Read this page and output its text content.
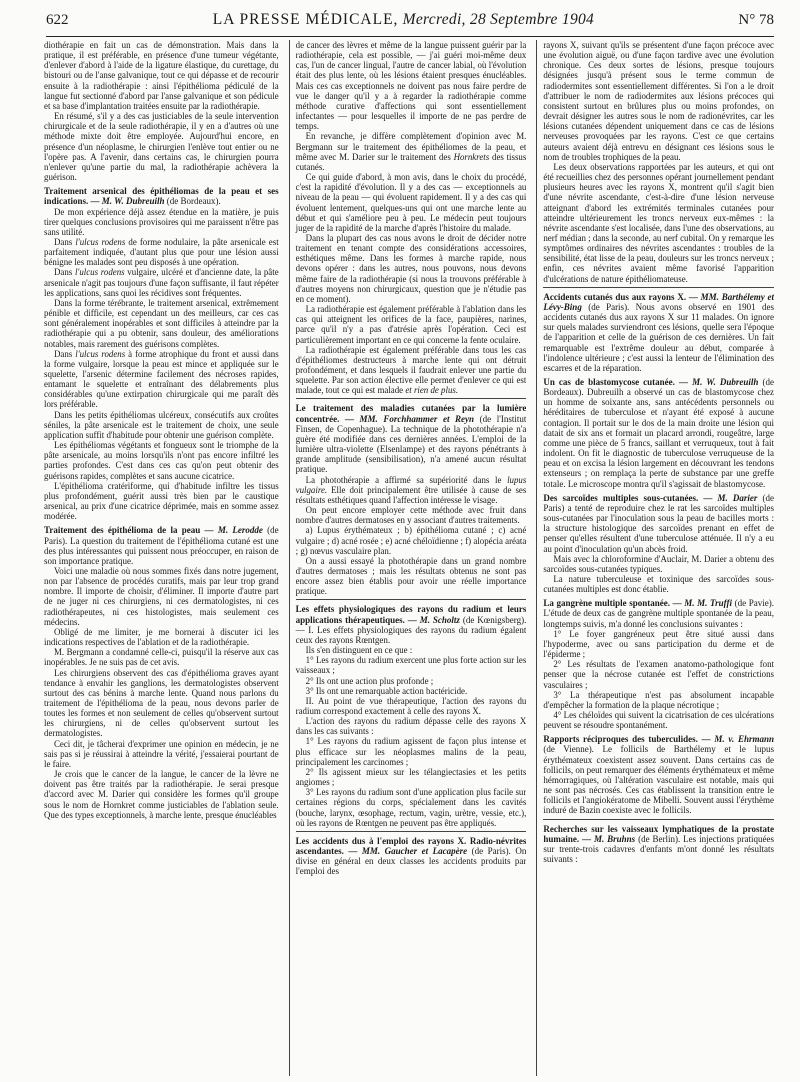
622	LA PRESSE MÉDICALE, Mercredi, 28 Septembre 1904	N° 78

diothérapie en fait un cas de démonstration. Mais dans la pratique, il est préférable, en présence d'une tumeur végétante, d'enlever d'abord à l'aide de la ligature élastique, du curettage, du bistouri ou de l'anse galvanique, tout ce qui dépasse et de recourir ensuite à la radiothérapie : ainsi l'épithélioma pédiculé de la langue fut sectionné d'abord par l'anse galvanique et son pédicule et sa base d'implantation traitées ensuite par la radiothérapie.

En résumé, s'il y a des cas justiciables de la seule intervention chirurgicale et de la seule radiothérapie, il y en a d'autres où une méthode mixte doit être employée. Aujourd'hui encore, en présence d'un néoplasme, le chirurgien l'enlève tout entier ou ne l'opère pas. A l'avenir, dans certains cas, le chirurgien pourra n'enlever qu'une partie du mal, la radiothérapie achèvera la guérison.

Traitement arsenical des épithéliomas de la peau et ses indications. — M. W. Dubreuilh (de Bordeaux).

De mon expérience déjà assez étendue en la matière, je puis tirer quelques conclusions provisoires qui me paraissent n'être pas sans utilité.

Dans l'ulcus rodens de forme nodulaire, la pâte arsenicale est parfaitement indiquée, d'autant plus que pour une lésion aussi bénigne les malades sont peu disposés à une opération.

Dans l'ulcus rodens vulgaire, ulcéré et d'ancienne date, la pâte arsenicale n'agit pas toujours d'une façon suffisante, il faut répéter les applications, sans quoi les récidives sont fréquentes.

Dans la forme térébrante, le traitement arsenical, extrêmement pénible et difficile, est cependant un des meilleurs, car ces cas sont généralement inopérables et sont difficiles à atteindre par la radiothérapie qui a pu obtenir, sans douleur, des améliorations notables, mais rarement des guérisons complètes.

Dans l'ulcus rodens à forme atrophique du front et aussi dans la forme vulgaire, lorsque la peau est mince et appliquée sur le squelette, l'arsenic détermine facilement des nécroses rapides, entamant le squelette et entraînant des délabrements plus considérables qu'une extirpation chirurgicale qui me paraît dès lors préférable.

Dans les petits épithéliomas ulcéreux, consécutifs aux croûtes séniles, la pâte arsenicale est le traitement de choix, une seule application suffit d'habitude pour obtenir une guérison complète.

Les épithéliomas végétants et fongueux sont le triomphe de la pâte arsenicale, au moins lorsqu'ils n'ont pas encore infiltré les parties profondes. C'est dans ces cas qu'on peut obtenir des guérisons rapides, complètes et sans aucune cicatrice.

L'épithélioma cratériforme, qui d'habitude infiltre les tissus plus profondément, guérit aussi très bien par le caustique arsenical, au prix d'une cicatrice déprimée, mais en somme assez modérée.

Traitement des épithélioma de la peau — M. Lerodde (de Paris). La question du traitement de l'épithélioma cutané est une des plus intéressantes qui puissent nous préoccuper, en raison de son importance pratique.

Voici une maladie où nous sommes fixés dans notre jugement, non par l'absence de procédés curatifs, mais par leur trop grand nombre. Il importe de choisir, d'éliminer. Il importe d'autre part de ne juger ni ces chirurgiens, ni ces dermatologistes, ni ces radiothérapeutes, ni ces histologistes, mais seulement ces médecins.

Obligé de me limiter, je me bornerai à discuter ici les indications respectives de l'ablation et de la radiothérapie.

M. Bergmann a condamné celle-ci, puisqu'il la réserve aux cas inopérables. Je ne suis pas de cet avis.

Les chirurgiens observent des cas d'épithélioma graves ayant tendance à envahir les ganglions, les dermatologistes observent surtout des cas bénins à marche lente. Quand nous parlons du traitement de l'épithélioma de la peau, nous devons parler de toutes les formes et non seulement de celles qu'observent surtout les chirurgiens, ni de celles qu'observent surtout les dermatologistes.

Ceci dit, je tâcherai d'exprimer une opinion en médecin, je ne sais pas si je réussirai à atteindre la vérité, j'essaierai pourtant de le faire.

Je crois que le cancer de la langue, le cancer de la lèvre ne doivent pas être traités par la radiothérapie. Je serai presque d'accord avec M. Darier qui considère les formes qu'il groupe sous le nom de Hornkret comme justiciables de l'ablation seule. Que des types exceptionnels, à marche lente, presque énucléables

de cancer des lèvres et même de la langue puissent guérir par la radiothérapie, cela est possible, — j'ai guéri moi-même deux cas, l'un de cancer lingual, l'autre de cancer labial, où l'évolution était des plus lente, où les lésions étaient presques énucléables. Mais ces cas exceptionnels ne doivent pas nous faire perdre de vue le danger qu'il y a à regarder la radiothérapie comme méthode curative d'affections qui sont essentiellement infectantes — pour lesquelles il importe de ne pas perdre de temps.

En revanche, je diffère complètement d'opinion avec M. Bergmann sur le traitement des épithéliomes de la peau, et même avec M. Darier sur le traitement des Hornkrets des tissus cutanés.

Ce qui guide d'abord, à mon avis, dans le choix du procédé, c'est la rapidité d'évolution. Il y a des cas — exceptionnels au niveau de la peau — qui évoluent rapidement. Il y a des cas qui évoluent lentement, quelques-uns qui ont une marche lente au début et qui s'améliore peu à peu. Le médecin peut toujours juger de la rapidité de la marche d'après l'histoire du malade.

Dans la plupart des cas nous avons le droit de décider notre traitement en tenant compte des considérations accessoires, esthétiques même. Dans les formes à marche rapide, nous devons opérer : dans les autres, nous pouvons, nous devons même faire de la radiothérapie (si nous la trouvons préférable à d'autres moyens non chirurgicaux, question que je n'étudie pas en ce moment).

La radiothérapie est également préférable à l'ablation dans les cas qui atteignent les orifices de la face, paupières, narines, parce qu'il n'y a pas d'atrésie après l'opération. Ceci est particulièrement important en ce qui concerne la fente oculaire.

La radiothérapie est également préférable dans tous les cas d'épithéliomes destructeurs à marche lente qui ont détruit profondément, et dans lesquels il faudrait enlever une partie du squelette. Par son action élective elle permet d'enlever ce qui est malade, tout ce qui est malade et rien de plus.

Le traitement des maladies cutanées par la lumière concentrée. — MM. Forchhammer et Reyn (de l'Institut Finsen, de Copenhague). La technique de la photothérapie n'a guère été modifiée dans ces dernières années. L'emploi de la lumière ultra-violette (Elsenlampe) et des rayons pénétrants à grande amplitude (sensibilisation), n'a amené aucun résultat pratique.

La photothérapie a affirmé sa supériorité dans le lupus vulgaire. Elle doit principalement être utilisée à cause de ses résultats esthétiques quand l'affection intéresse le visage.

On peut encore employer cette méthode avec fruit dans nombre d'autres dermatoses en y associant d'autres traitements.

a) Lupus érythémateux ; b) épithélioma cutané ; c) acné vulgaire ; d) acné rosée ; e) acné chéloïdienne ; f) alopécia aréata ; g) nœvus vasculaire plan.

On a aussi essayé la photothérapie dans un grand nombre d'autres dermatoses ; mais les résultats obtenus ne sont pas encore assez bien établis pour avoir une réelle importance pratique.

Les effets physiologiques des rayons du radium et leurs applications thérapeutiques. — M. Scholtz (de Kœnigsberg). — I. Les effets physiologiques des rayons du radium égalent ceux des rayons Rœntgen.

Ils s'en distinguent en ce que :

1° Les rayons du radium exercent une plus forte action sur les vaisseaux ;

2° Ils ont une action plus profonde ;

3° Ils ont une remarquable action bactéricide.

II. Au point de vue thérapeutique, l'action des rayons du radium correspond exactement à celle des rayons X.

L'action des rayons du radium dépasse celle des rayons X dans les cas suivants :

1° Les rayons du radium agissent de façon plus intense et plus efficace sur les néoplasmes malins de la peau, principalement les carcinomes ;

2° Ils agissent mieux sur les télangiectasies et les petits angiomes ;

3° Les rayons du radium sont d'une application plus facile sur certaines régions du corps, spécialement dans les cavités (bouche, larynx, œsophage, rectum, vagin, urètre, vessie, etc.), où les rayons de Rœntgen ne peuvent pas être appliqués.

Les accidents dus à l'emploi des rayons X. Radio-névrites ascendantes. — MM. Gaucher et Lacapère (de Paris). On divise en général en deux classes les accidents produits par l'emploi des

rayons X, suivant qu'ils se présentent d'une façon précoce avec une évolution aiguë, ou d'une façon tardive avec une évolution chronique. Ces deux sortes de lésions, presque toujours désignées jusqu'à présent sous le terme commun de radiodermites sont essentiellement différentes. Si l'on a le droit d'attribuer le nom de radiodermites aux lésions précoces qui consistent surtout en brûlures plus ou moins profondes, on devrait désigner les autres sous le nom de radionévrites, car les lésions cutanées dépendent uniquement dans ce cas de lésions nerveuses provoquées par les rayons. C'est ce que certains auteurs avaient déjà entrevu en désignant ces lésions sous le nom de troubles trophiques de la peau.

Les deux observations rapportées par les auteurs, et qui ont été recueillies chez des personnes opérant journellement pendant plusieurs heures avec les rayons X, montrent qu'il s'agit bien d'une névrite ascendante, c'est-à-dire d'une lésion nerveuse atteignant d'abord les extrémités terminales cutanées pour atteindre ultérieurement les troncs nerveux eux-mêmes : la névrite ascendante s'est localisée, dans l'une des observations, au nerf médian ; dans la seconde, au nerf cubital. On y remarque les symptômes ordinaires des névrites ascendantes : troubles de la sensibilité, état lisse de la peau, douleurs sur les troncs nerveux ; enfin, ces névrites avaient même favorisé l'apparition d'ulcérations de nature épithéliomateuse.

Accidents cutanés dus aux rayons X. — MM. Barthélemy et Lévy-Bing (de Paris). Nous avons observé en 1901 des accidents cutanés dus aux rayons X sur 11 malades. On ignore sur quels malades surviendront ces lésions, quelle sera l'époque de l'apparition et celle de la guérison de ces dernières. Un fait remarquable est l'extrême douleur au début, comparée à l'indolence ultérieure ; c'est aussi la lenteur de l'élimination des escarres et de la réparation.
Un cas de blastomycose cutanée. — M. W. Dubreuilh (de Bordeaux). Dubreuilh a observé un cas de blastomycose chez un homme de soixante ans, sans antécédents personnels ou héréditaires de tuberculose et n'ayant été exposé à aucune contagion. Il portait sur le dos de la main droite une lésion qui datait de six ans et formait un placard arrondi, rougeâtre, large comme une pièce de 5 francs, saillant et verruqueux, tout à fait indolent. On fit le diagnostic de tuberculose verruqueuse de la peau et on excisa la lésion largement en découvrant les tendons extenseurs ; on remplaça la perte de substance par une greffe totale. Le microscope montra qu'il s'agissait de blastomycose.
Des sarcoïdes multiples sous-cutanées. — M. Darier (de Paris) a tenté de reproduire chez le rat les sarcoïdes multiples sous-cutanées par l'inoculation sous la peau de bacilles morts : la structure histologique des sarcoïdes prenant en effet de penser qu'elles résultent d'une tuberculose atténuée. Il n'y a eu au point d'inoculation qu'un abcès froid.

Mais avec la chloroformine d'Auclair, M. Darier a obtenu des sarcoïdes sous-cutanées typiques.

La nature tuberculeuse et toxinique des sarcoïdes sous-cutanées multiples est donc établie.

La gangrène multiple spontanée. — M. M. Truffi (de Pavie). L'étude de deux cas de gangrène multiple spontanée de la peau, longtemps suivis, m'a donné les conclusions suivantes :

1° Le foyer gangréneux peut être situé aussi dans l'hypoderme, avec ou sans participation du derme et de l'épiderme ;

2° Les résultats de l'examen anatomo-pathologique font penser que la nécrose cutanée est l'effet de constrictions vasculaires ;

3° La thérapeutique n'est pas absolument incapable d'empêcher la formation de la plaque nécrotique ;

4° Les chéloïdes qui suivent la cicatrisation de ces ulcérations peuvent se résoudre spontanément.

Rapports réciproques des tuberculides. — M. v. Ehrmann (de Vienne). Le follicils de Barthélemy et le lupus érythémateux coexistent assez souvent. Dans certains cas de follicils, on peut remarquer des éléments érythémateux et même hémorragiques, où l'altération vasculaire est notable, mais qui ne sont pas nécrosés. Ces cas établissent la transition entre le follicils et l'angiokératome de Mibelli. Souvent aussi l'érythème induré de Bazin coexiste avec le follicils.
Recherches sur les vaisseaux lymphatiques de la prostate humaine. — M. Bruhns (de Berlin). Les injections pratiquées sur trente-trois cadavres d'enfants m'ont donné les résultats suivants :
